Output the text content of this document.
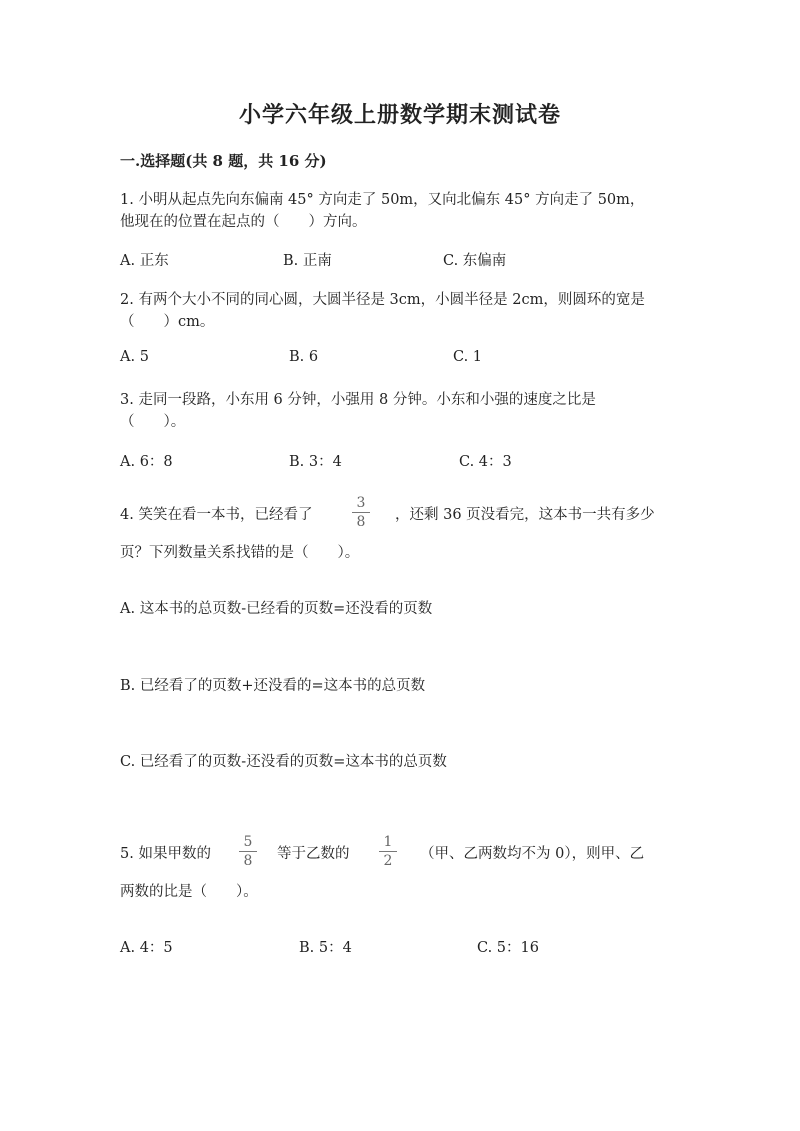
小学六年级上册数学期末测试卷
一.选择题(共 8 题，共 16 分)
1. 小明从起点先向东偏南 45° 方向走了 50m，又向北偏东 45° 方向走了 50m，
他现在的位置在起点的（　　）方向。
A. 正东	B. 正南	C. 东偏南
2. 有两个大小不同的同心圆，大圆半径是 3cm，小圆半径是 2cm，则圆环的宽是
（　　）cm。
A. 5	B. 6	C. 1
3. 走同一段路，小东用 6 分钟，小强用 8 分钟。小东和小强的速度之比是
（　　）。
A. 6：8	B. 3：4	C. 4：3
4. 笑笑在看一本书，已经看了
3
8	，还剩 36 页没看完，这本书一共有多少
页？下列数量关系找错的是（　　）。
A. 这本书的总页数-已经看的页数=还没看的页数
B. 已经看了的页数+还没看的=这本书的总页数
C. 已经看了的页数-还没看的页数=这本书的总页数
5. 如果甲数的
5
8	等于乙数的
1
2	（甲、乙两数均不为 0），则甲、乙
两数的比是（　　）。
A. 4：5	B. 5：4	C. 5：16
